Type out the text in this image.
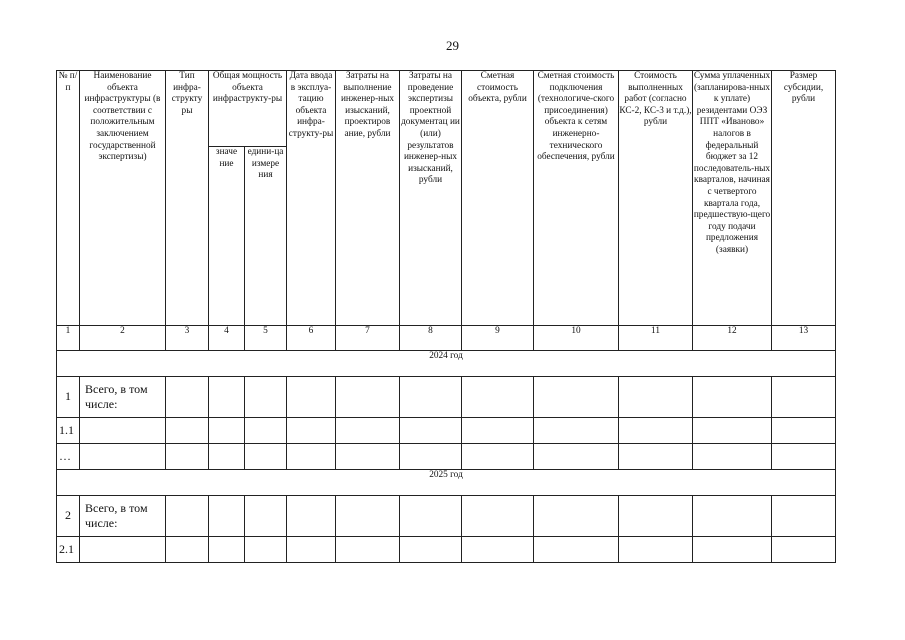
29
№ п/п	Наименование объекта инфраструктуры (в соответствии с положительным заключением государственной экспертизы)	Тип инфра-структу ры	Общая мощность объекта инфраструкту-ры		Дата ввода в эксплуа-тацию объекта инфра-структу-ры	Затраты на выполнение инженер-ных изысканий, проектиров ание, рубли	Затраты на проведение экспертизы проектной документац ии (или) результатов инженер-ных изысканий, рубли	Сметная стоимость объекта, рубли	Сметная стоимость подключения (технологиче-ского присоединения) объекта к сетям инженерно-технического обеспечения, рубли	Стоимость выполненных работ (согласно КС-2, КС-3 и т.д.), рубли	Сумма уплаченных (запланирова-нных к уплате) резидентами ОЭЗ ППТ «Иваново» налогов в федеральный бюджет за 12 последователь-ных кварталов, начиная с четвертого квартала года, предшествую-щего году подачи предложения (заявки)	Размер субсидии, рубли
			значе ние	едини-ца измере ния								
1	2	3	4	5	6	7	8	9	10	11	12	13
2024 год												
1	Всего, в том числе:											
1.1												
…												
2025 год												
2	Всего, в том числе:											
2.1												
